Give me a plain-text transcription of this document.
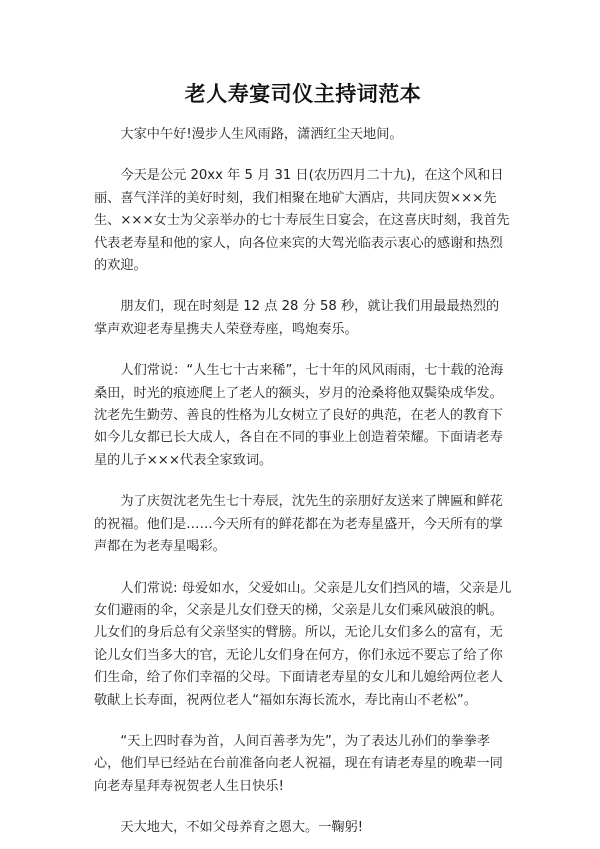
老人寿宴司仪主持词范本

大家中午好!漫步人生风雨路，潇洒红尘天地间。

今天是公元 20xx 年 5 月 31 日(农历四月二十九)，在这个风和日丽、喜气洋洋的美好时刻，我们相聚在地矿大酒店，共同庆贺×××先生、×××女士为父亲举办的七十寿辰生日宴会，在这喜庆时刻，我首先代表老寿星和他的家人，向各位来宾的大驾光临表示衷心的感谢和热烈的欢迎。

朋友们，现在时刻是 12 点 28 分 58 秒，就让我们用最最热烈的掌声欢迎老寿星携夫人荣登寿座，鸣炮奏乐。

人们常说：“人生七十古来稀”，七十年的风风雨雨，七十载的沧海桑田，时光的痕迹爬上了老人的额头，岁月的沧桑将他双鬓染成华发。沈老先生勤劳、善良的性格为儿女树立了良好的典范，在老人的教育下如今儿女都已长大成人，各自在不同的事业上创造着荣耀。下面请老寿星的儿子×××代表全家致词。

为了庆贺沈老先生七十寿辰，沈先生的亲朋好友送来了牌匾和鲜花的祝福。他们是……今天所有的鲜花都在为老寿星盛开，今天所有的掌声都在为老寿星喝彩。

人们常说: 母爱如水，父爱如山。父亲是儿女们挡风的墙，父亲是儿女们避雨的伞，父亲是儿女们登天的梯，父亲是儿女们乘风破浪的帆。儿女们的身后总有父亲坚实的臂膀。所以，无论儿女们多么的富有，无论儿女们当多大的官，无论儿女们身在何方，你们永远不要忘了给了你们生命，给了你们幸福的父母。下面请老寿星的女儿和儿媳给两位老人敬献上长寿面，祝两位老人“福如东海长流水，寿比南山不老松”。

“天上四时春为首，人间百善孝为先”，为了表达儿孙们的拳拳孝心，他们早已经站在台前准备向老人祝福，现在有请老寿星的晚辈一同向老寿星拜寿祝贺老人生日快乐!

天大地大，不如父母养育之恩大。一鞠躬!
